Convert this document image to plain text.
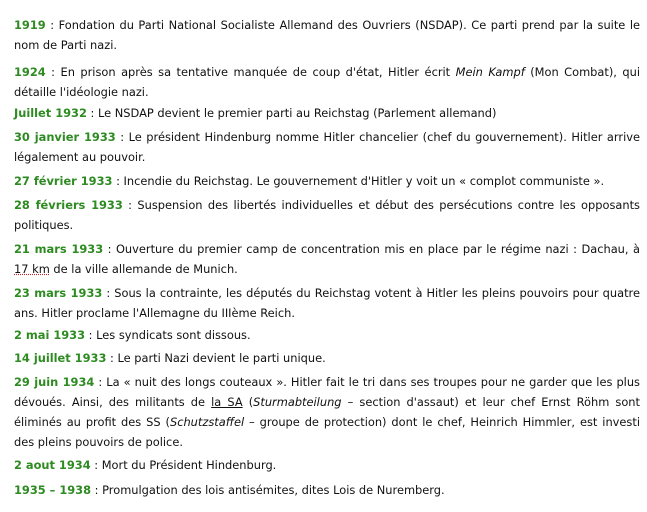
1919 : Fondation du Parti National Socialiste Allemand des Ouvriers (NSDAP). Ce parti prend par la suite le nom de Parti nazi.

1924 : En prison après sa tentative manquée de coup d'état, Hitler écrit Mein Kampf (Mon Combat), qui détaille l'idéologie nazi.

Juillet 1932 : Le NSDAP devient le premier parti au Reichstag (Parlement allemand)

30 janvier 1933 : Le président Hindenburg nomme Hitler chancelier (chef du gouvernement). Hitler arrive légalement au pouvoir.

27 février 1933 : Incendie du Reichstag. Le gouvernement d'Hitler y voit un « complot communiste ».

28 févriers 1933 : Suspension des libertés individuelles et début des persécutions contre les opposants politiques.

21 mars 1933 : Ouverture du premier camp de concentration mis en place par le régime nazi : Dachau, à 17 km de la ville allemande de Munich.

23 mars 1933 : Sous la contrainte, les députés du Reichstag votent à Hitler les pleins pouvoirs pour quatre ans. Hitler proclame l'Allemagne du IIIème Reich.

2 mai 1933 : Les syndicats sont dissous.

14 juillet 1933 : Le parti Nazi devient le parti unique.

29 juin 1934 : La « nuit des longs couteaux ». Hitler fait le tri dans ses troupes pour ne garder que les plus dévoués. Ainsi, des militants de la SA (Sturmabteilung – section d'assaut) et leur chef Ernst Röhm sont éliminés au profit des SS (Schutzstaffel – groupe de protection) dont le chef, Heinrich Himmler, est investi des pleins pouvoirs de police.

2 aout 1934 : Mort du Président Hindenburg.

1935 – 1938 : Promulgation des lois antisémites, dites Lois de Nuremberg.
